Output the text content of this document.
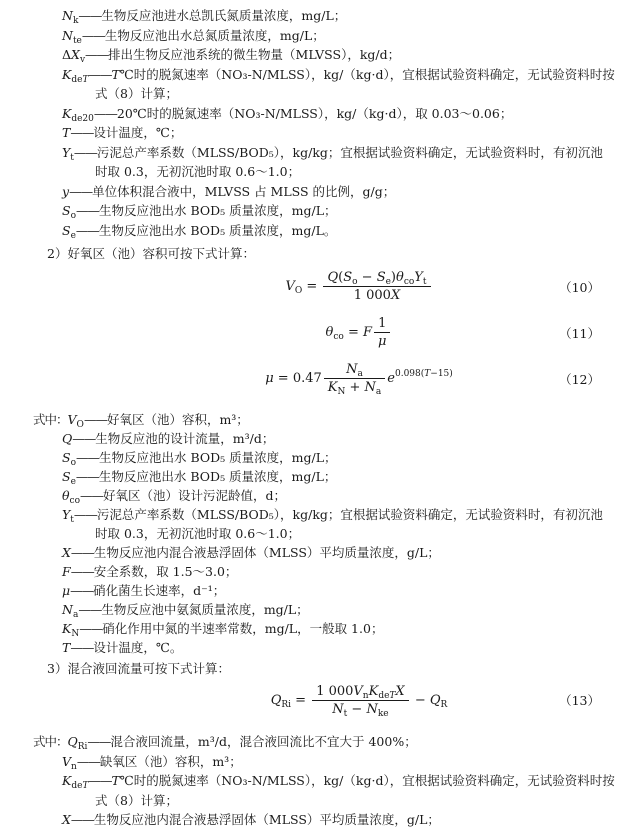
$N_k——$生物反应池进水总凯氏氮质量浓度，mg/L；
$N_{te}——$生物反应池出水总氮质量浓度，mg/L；
$\Delta X_v——$排出生物反应池系统的微生物量（MLVSS），kg/d；
$K_{deT}——T℃$时的脱氮速率（NO₃-N/MLSS），kg/（kg·d），宜根据试验资料确定，无试验资料时按
式（8）计算；
$K_{de20}——20℃$时的脱氮速率（NO₃-N/MLSS），kg/（kg·d），取 0.03～0.06；
T——设计温度，℃；
$Y_t——$污泥总产率系数（MLSS/BOD₅），kg/kg；宜根据试验资料确定，无试验资料时，有初沉池
时取 0.3，无初沉池时取 0.6～1.0；
y——单位体积混合液中，MLVSS 占 MLSS 的比例，g/g；
$S_o——$生物反应池出水 BOD₅ 质量浓度，mg/L；
$S_e——$生物反应池出水 BOD₅ 质量浓度，mg/L。
2）好氧区（池）容积可按下式计算：
$V_O = \frac{Q(S_o - S_e)\theta_{co}Y_t}{1 000X}$	（10）
$\theta_{co} = F \frac{1}{\mu}$	（11）
$\mu = 0.47 \frac{N_a}{K_N + N_a} e^{0.098(T-15)}$	（12）
式中：$V_O——$好氧区（池）容积，m³；
Q——生物反应池的设计流量，m³/d；
$S_o——$生物反应池出水 BOD₅ 质量浓度，mg/L；
$S_e——$生物反应池出水 BOD₅ 质量浓度，mg/L；
$\theta_{co}——$好氧区（池）设计污泥龄值，d；
$Y_t——$污泥总产率系数（MLSS/BOD₅），kg/kg；宜根据试验资料确定，无试验资料时，有初沉池
时取 0.3，无初沉池时取 0.6～1.0；
X——生物反应池内混合液悬浮固体（MLSS）平均质量浓度，g/L；
F——安全系数，取 1.5～3.0；
μ——硝化菌生长速率，d⁻¹；
$N_a——$生物反应池中氨氮质量浓度，mg/L；
$K_N——$硝化作用中氮的半速率常数，mg/L，一般取 1.0；
T——设计温度，℃。
3）混合液回流量可按下式计算：
$Q_{Ri} = \frac{1 000V_nK_{deT}X}{N_t - N_{ke}} - Q_R$	（13）
式中：$Q_{Ri}——$混合液回流量，m³/d，混合液回流比不宜大于 400%；
$V_n——$缺氧区（池）容积，m³；
$K_{deT}——T℃$时的脱氮速率（NO₃-N/MLSS），kg/（kg·d），宜根据试验资料确定，无试验资料时按
式（8）计算；
X——生物反应池内混合液悬浮固体（MLSS）平均质量浓度，g/L；
